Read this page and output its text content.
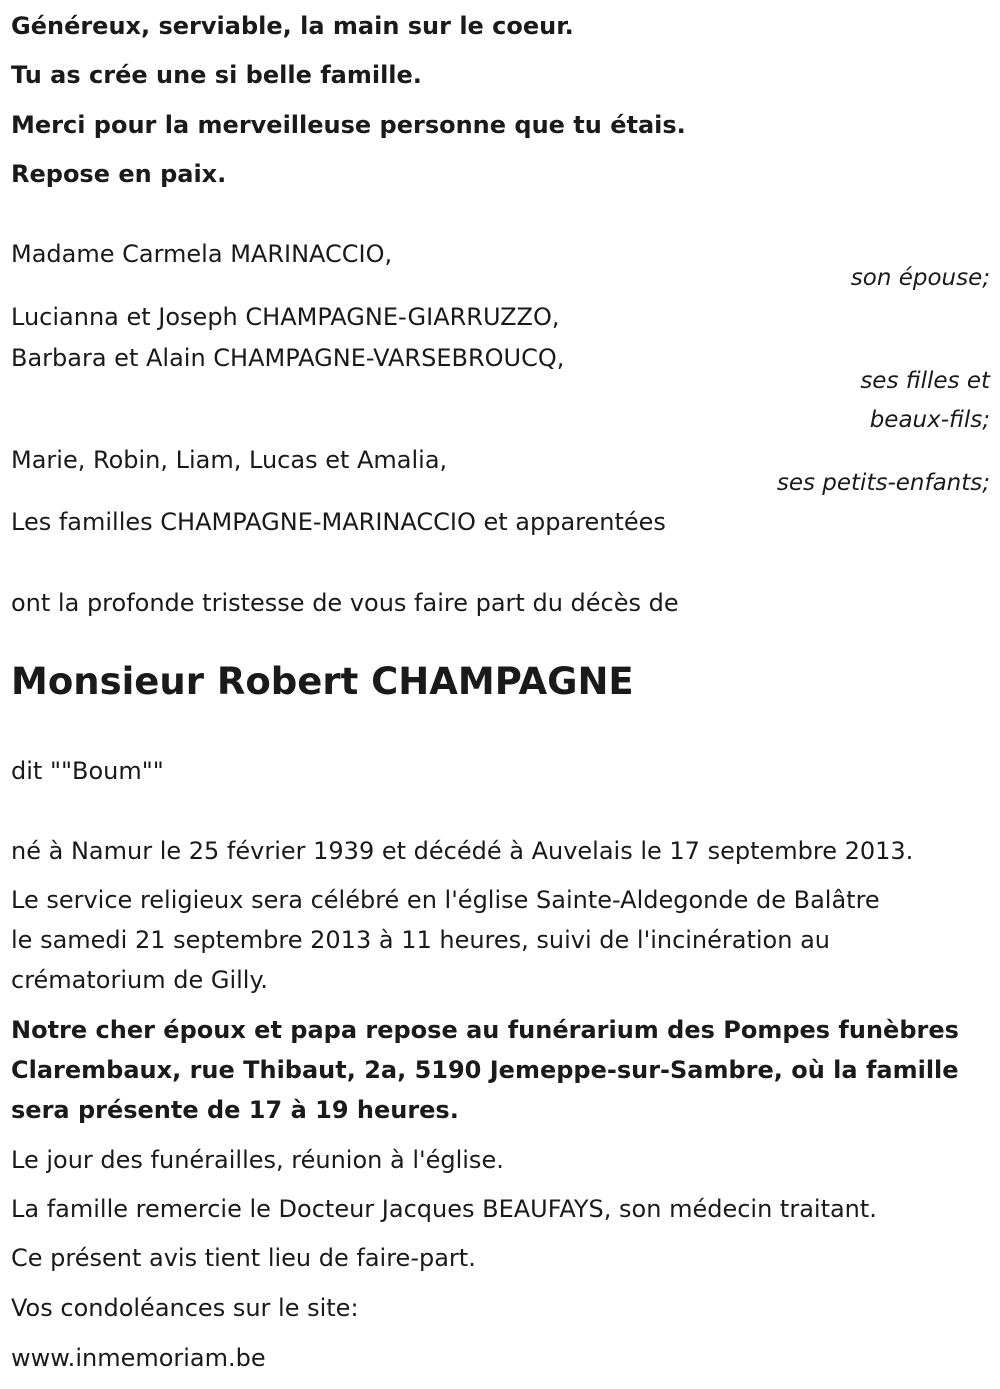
Généreux, serviable, la main sur le coeur.

Tu as crée une si belle famille.

Merci pour la merveilleuse personne que tu étais.

Repose en paix.

Madame Carmela MARINACCIO,

son épouse;

Lucianna et Joseph CHAMPAGNE-GIARRUZZO,

Barbara et Alain CHAMPAGNE-VARSEBROUCQ,

ses filles et

beaux-fils;

Marie, Robin, Liam, Lucas et Amalia,

ses petits-enfants;

Les familles CHAMPAGNE-MARINACCIO et apparentées

ont la profonde tristesse de vous faire part du décès de

Monsieur Robert CHAMPAGNE

dit ""Boum""

né à Namur le 25 février 1939 et décédé à Auvelais le 17 septembre 2013.

Le service religieux sera célébré en l'église Sainte-Aldegonde de Balâtre

le samedi 21 septembre 2013 à 11 heures, suivi de l'incinération au

crématorium de Gilly.

Notre cher époux et papa repose au funérarium des Pompes funèbres

Clarembaux, rue Thibaut, 2a, 5190 Jemeppe-sur-Sambre, où la famille

sera présente de 17 à 19 heures.

Le jour des funérailles, réunion à l'église.

La famille remercie le Docteur Jacques BEAUFAYS, son médecin traitant.

Ce présent avis tient lieu de faire-part.

Vos condoléances sur le site:

www.inmemoriam.be
